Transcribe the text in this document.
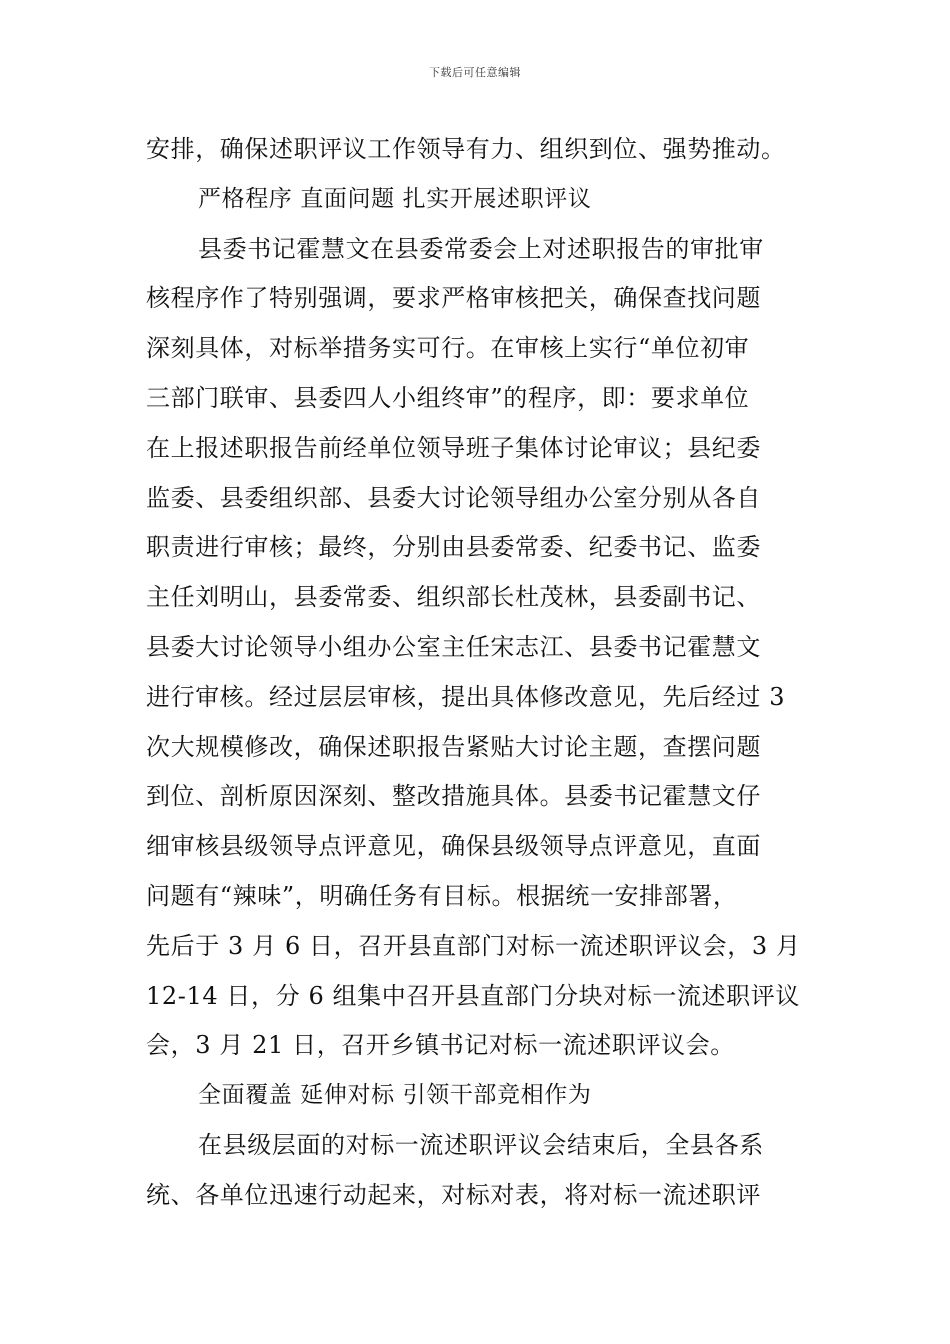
下载后可任意编辑
安排，确保述职评议工作领导有力、组织到位、强势推动。
严格程序 直面问题 扎实开展述职评议
县委书记霍慧文在县委常委会上对述职报告的审批审
核程序作了特别强调，要求严格审核把关，确保查找问题
深刻具体，对标举措务实可行。在审核上实行“单位初审
三部门联审、县委四人小组终审”的程序，即：要求单位
在上报述职报告前经单位领导班子集体讨论审议；县纪委
监委、县委组织部、县委大讨论领导组办公室分别从各自
职责进行审核；最终，分别由县委常委、纪委书记、监委
主任刘明山，县委常委、组织部长杜茂林，县委副书记、
县委大讨论领导小组办公室主任宋志江、县委书记霍慧文
进行审核。经过层层审核，提出具体修改意见，先后经过 3
次大规模修改，确保述职报告紧贴大讨论主题，查摆问题
到位、剖析原因深刻、整改措施具体。县委书记霍慧文仔
细审核县级领导点评意见，确保县级领导点评意见，直面
问题有“辣味”，明确任务有目标。根据统一安排部署，
先后于 3 月 6 日，召开县直部门对标一流述职评议会，3 月
12-14 日，分 6 组集中召开县直部门分块对标一流述职评议
会，3 月 21 日，召开乡镇书记对标一流述职评议会。
全面覆盖 延伸对标 引领干部竞相作为
在县级层面的对标一流述职评议会结束后，全县各系
统、各单位迅速行动起来，对标对表，将对标一流述职评
